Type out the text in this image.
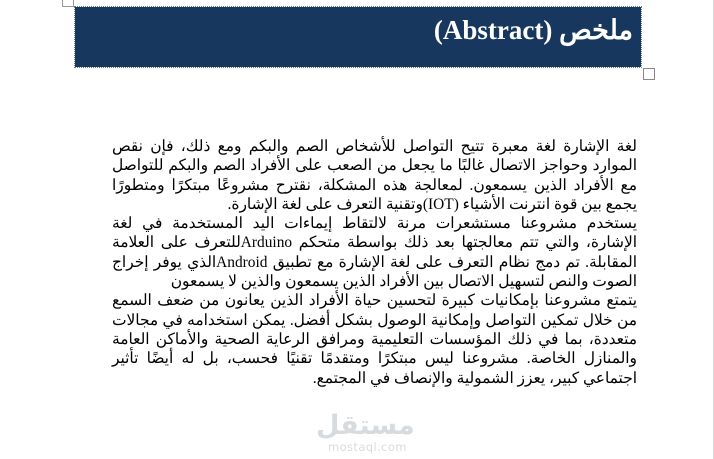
ملخص (Abstract)

لغة الإشارة لغة معبرة تتيح التواصل للأشخاص الصم والبكم ومع ذلك، فإن نقص الموارد وحواجز الاتصال غالبًا ما يجعل من الصعب على الأفراد الصم والبكم للتواصل مع الأفراد الذين يسمعون. لمعالجة هذه المشكلة، نقترح مشروعًا مبتكرًا ومتطورًا يجمع بين قوة انترنت الأشياء (IOT)وتقنية التعرف على لغة الإشارة.

يستخدم مشروعنا مستشعرات مرنة لالتقاط إيماءات اليد المستخدمة في لغة الإشارة، والتي تتم معالجتها بعد ذلك بواسطة متحكم Arduinoللتعرف على العلامة المقابلة. تم دمج نظام التعرف على لغة الإشارة مع تطبيق Androidالذي يوفر إخراج الصوت والنص لتسهيل الاتصال بين الأفراد الذين يسمعون والذين لا يسمعون

يتمتع مشروعنا بإمكانيات كبيرة لتحسين حياة الأفراد الذين يعانون من ضعف السمع من خلال تمكين التواصل وإمكانية الوصول بشكل أفضل. يمكن استخدامه في مجالات متعددة، بما في ذلك المؤسسات التعليمية ومرافق الرعاية الصحية والأماكن العامة والمنازل الخاصة. مشروعنا ليس مبتكرًا ومتقدمًا تقنيًا فحسب، بل له أيضًا تأثير اجتماعي كبير، يعزز الشمولية والإنصاف في المجتمع.

مستقل
mostaql.com
